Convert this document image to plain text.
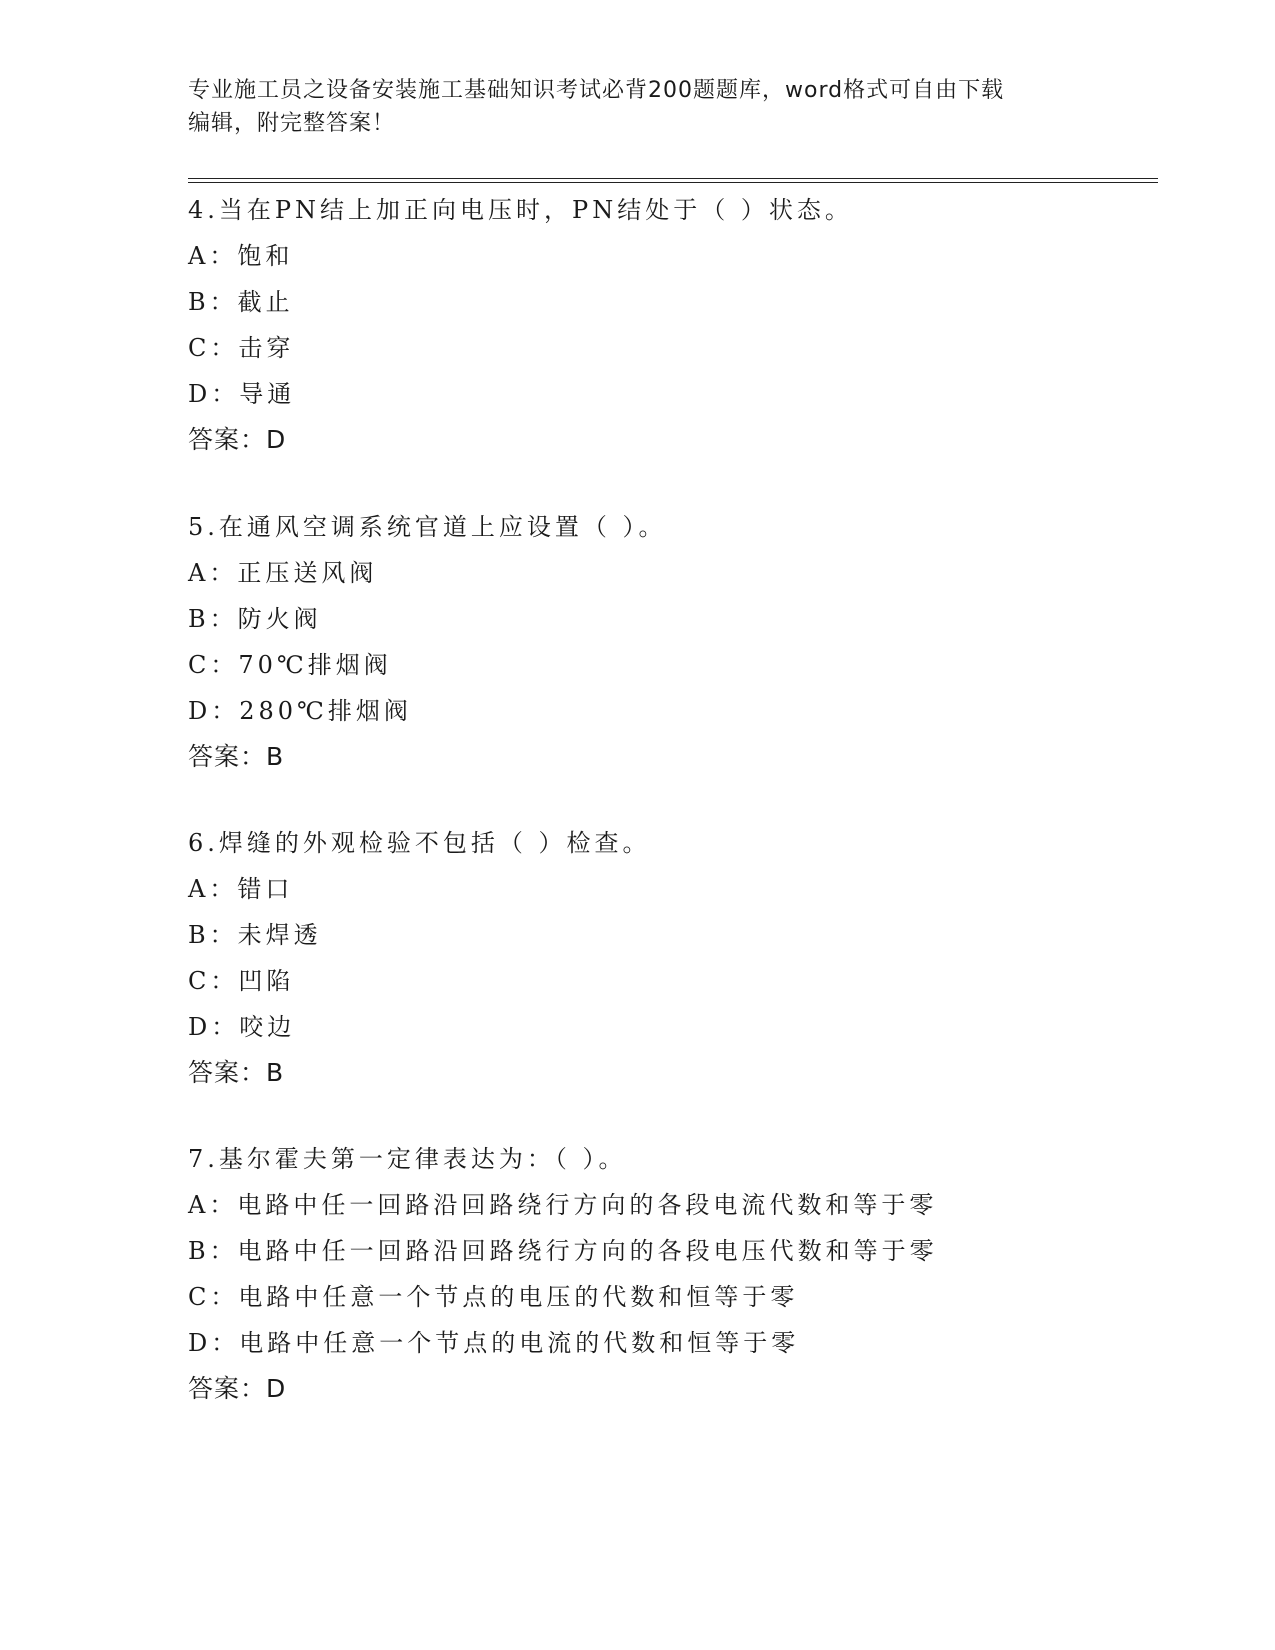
专业施工员之设备安装施工基础知识考试必背200题题库，word格式可自由下载
编辑，附完整答案！
4.当在PN结上加正向电压时，PN结处于（ ）状态。
A：饱和
B：截止
C：击穿
D：导通
答案：D
5.在通风空调系统官道上应设置（ ）。
A：正压送风阀
B：防火阀
C：70℃排烟阀
D：280℃排烟阀
答案：B
6.焊缝的外观检验不包括（ ）检查。
A：错口
B：未焊透
C：凹陷
D：咬边
答案：B
7.基尔霍夫第一定律表达为：（ ）。
A：电路中任一回路沿回路绕行方向的各段电流代数和等于零
B：电路中任一回路沿回路绕行方向的各段电压代数和等于零
C：电路中任意一个节点的电压的代数和恒等于零
D：电路中任意一个节点的电流的代数和恒等于零
答案：D
